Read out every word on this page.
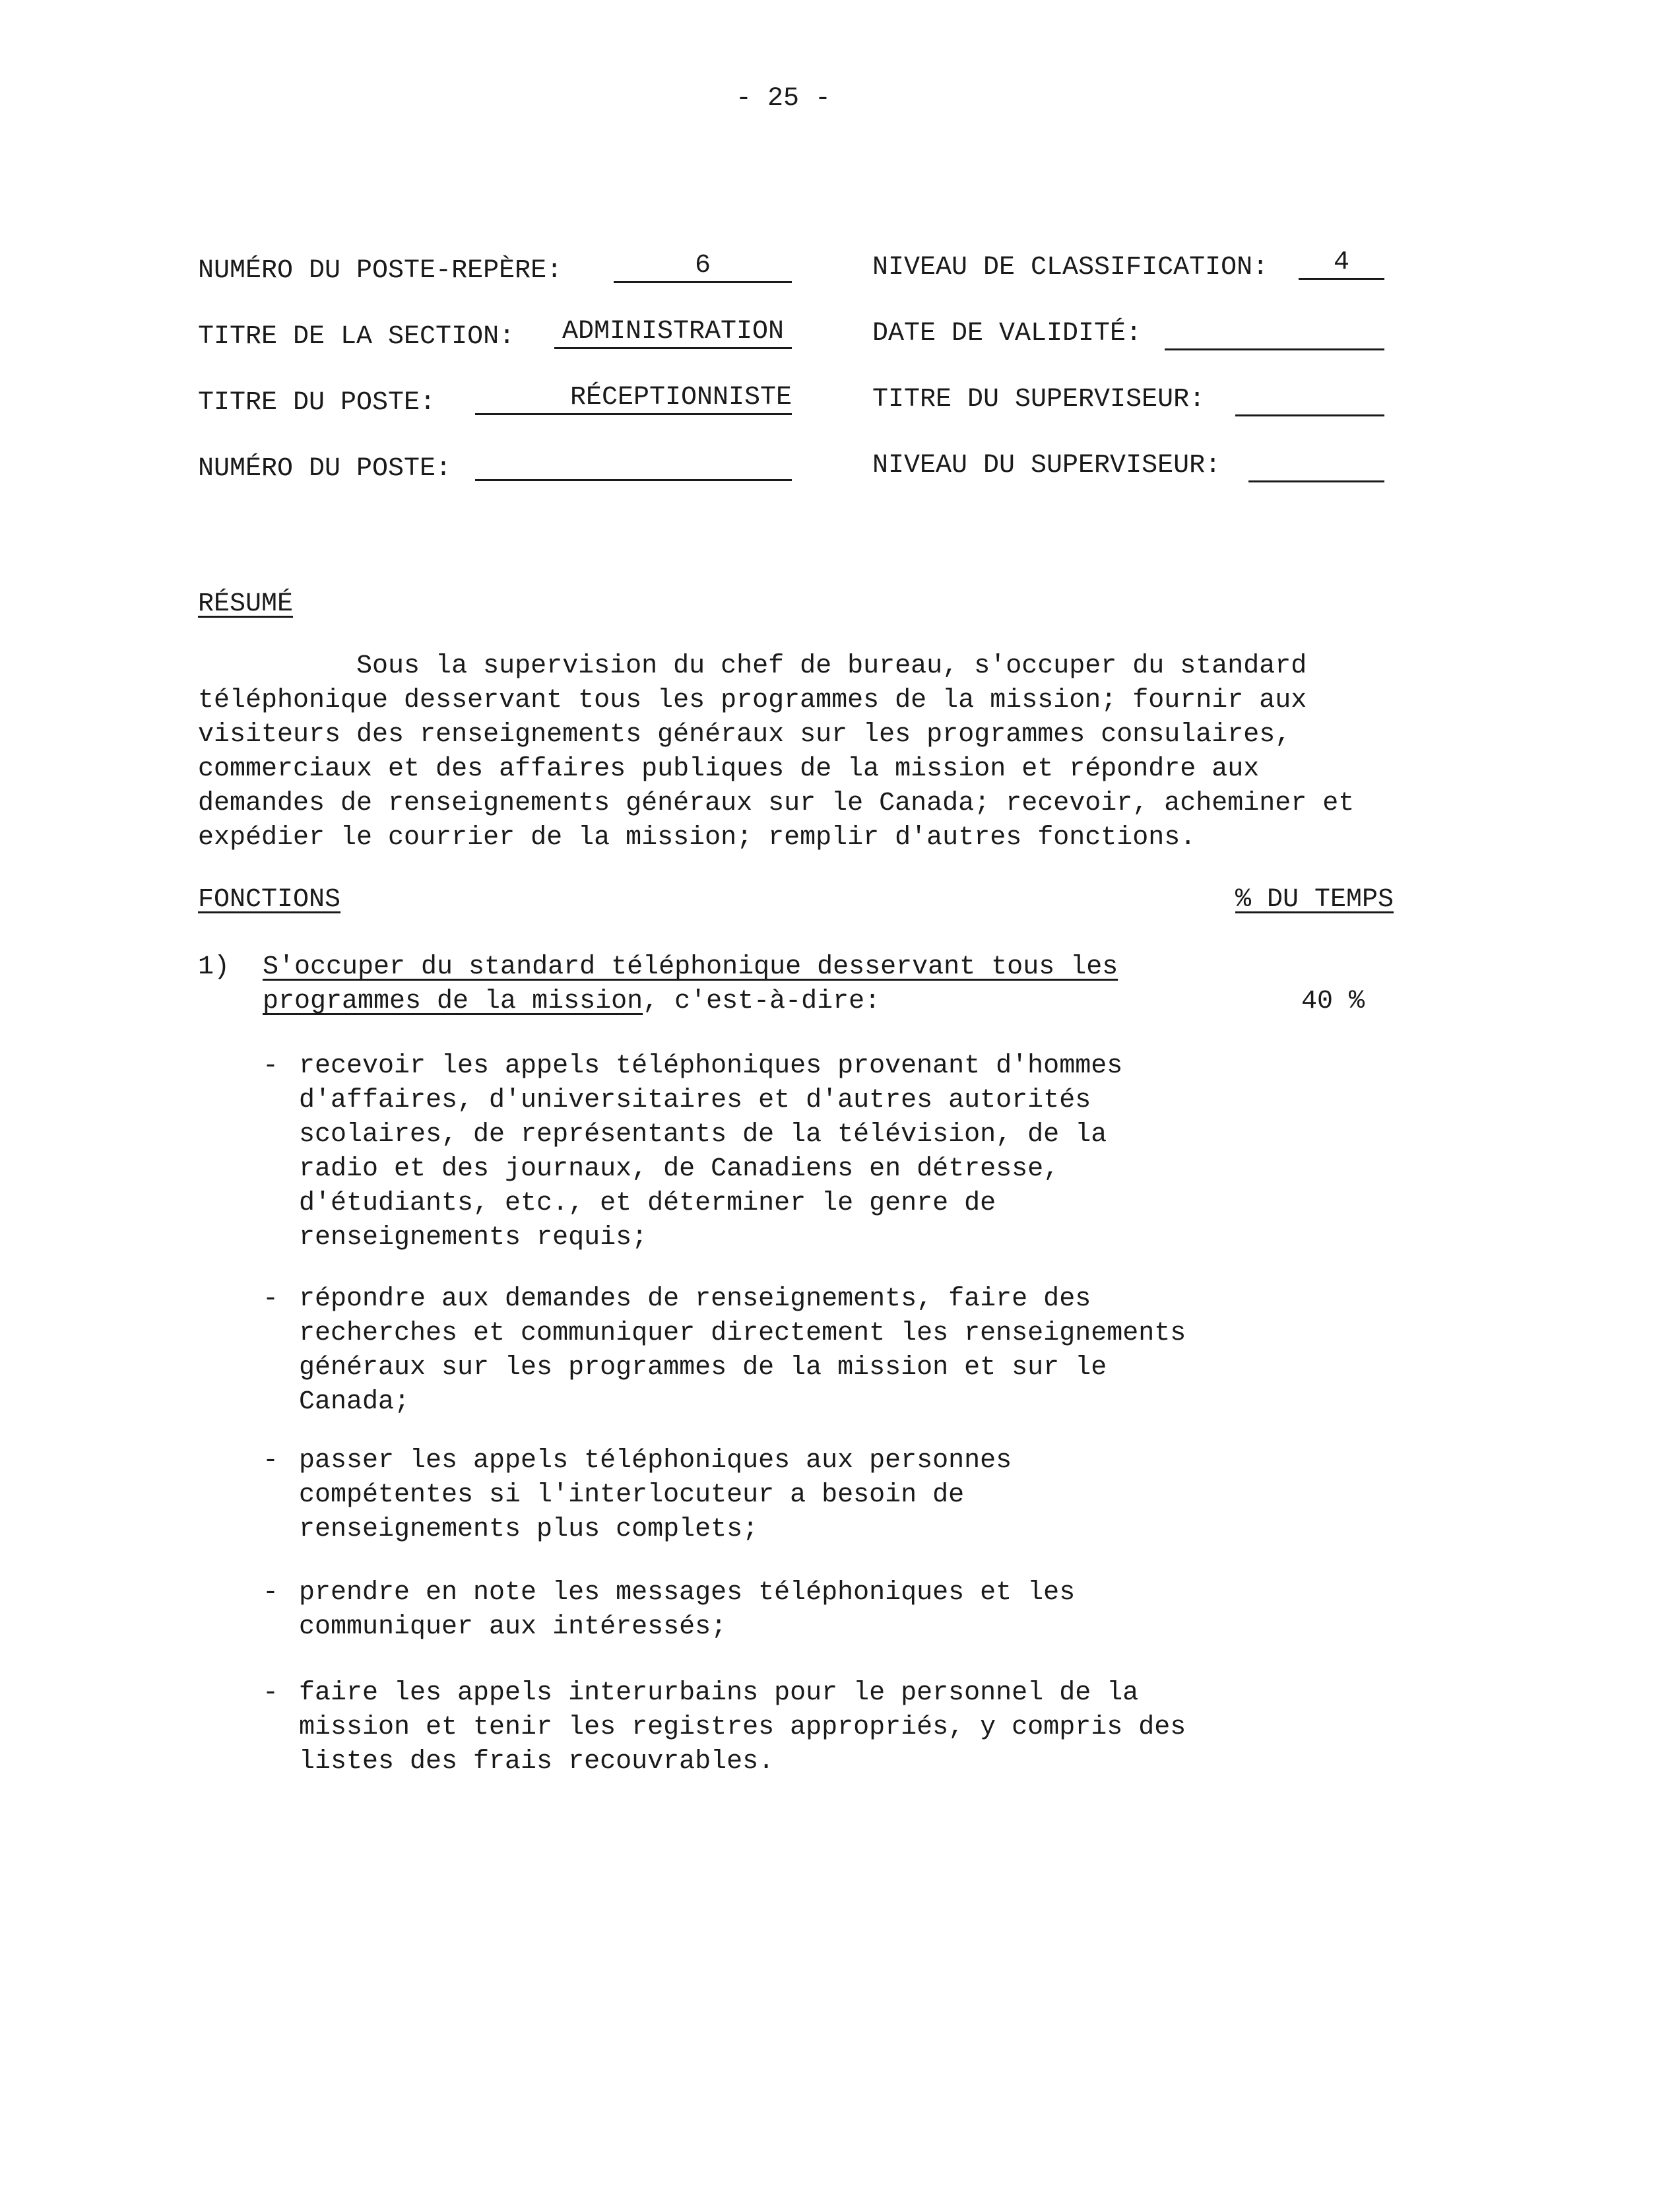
- 25 -
NUMÉRO DU POSTE-REPÈRE:	6
TITRE DE LA SECTION: ADMINISTRATION
TITRE DU POSTE:	RÉCEPTIONNISTE
NUMÉRO DU POSTE:
NIVEAU DE CLASSIFICATION:	4
DATE DE VALIDITÉ:
TITRE DU SUPERVISEUR:
NIVEAU DU SUPERVISEUR:
RÉSUMÉ
Sous la supervision du chef de bureau, s'occuper du standard
téléphonique desservant tous les programmes de la mission; fournir aux
visiteurs des renseignements généraux sur les programmes consulaires,
commerciaux et des affaires publiques de la mission et répondre aux
demandes de renseignements généraux sur le Canada; recevoir, acheminer et
expédier le courrier de la mission; remplir d'autres fonctions.
FONCTIONS	% DU TEMPS
1) S'occuper du standard téléphonique desservant tous les
programmes de la mission, c'est-à-dire:	40 %
- recevoir les appels téléphoniques provenant d'hommes
d'affaires, d'universitaires et d'autres autorités
scolaires, de représentants de la télévision, de la
radio et des journaux, de Canadiens en détresse,
d'étudiants, etc., et déterminer le genre de
renseignements requis;
- répondre aux demandes de renseignements, faire des
recherches et communiquer directement les renseignements
généraux sur les programmes de la mission et sur le
Canada;
- passer les appels téléphoniques aux personnes
compétentes si l'interlocuteur a besoin de
renseignements plus complets;
- prendre en note les messages téléphoniques et les
communiquer aux intéressés;
- faire les appels interurbains pour le personnel de la
mission et tenir les registres appropriés, y compris des
listes des frais recouvrables.
